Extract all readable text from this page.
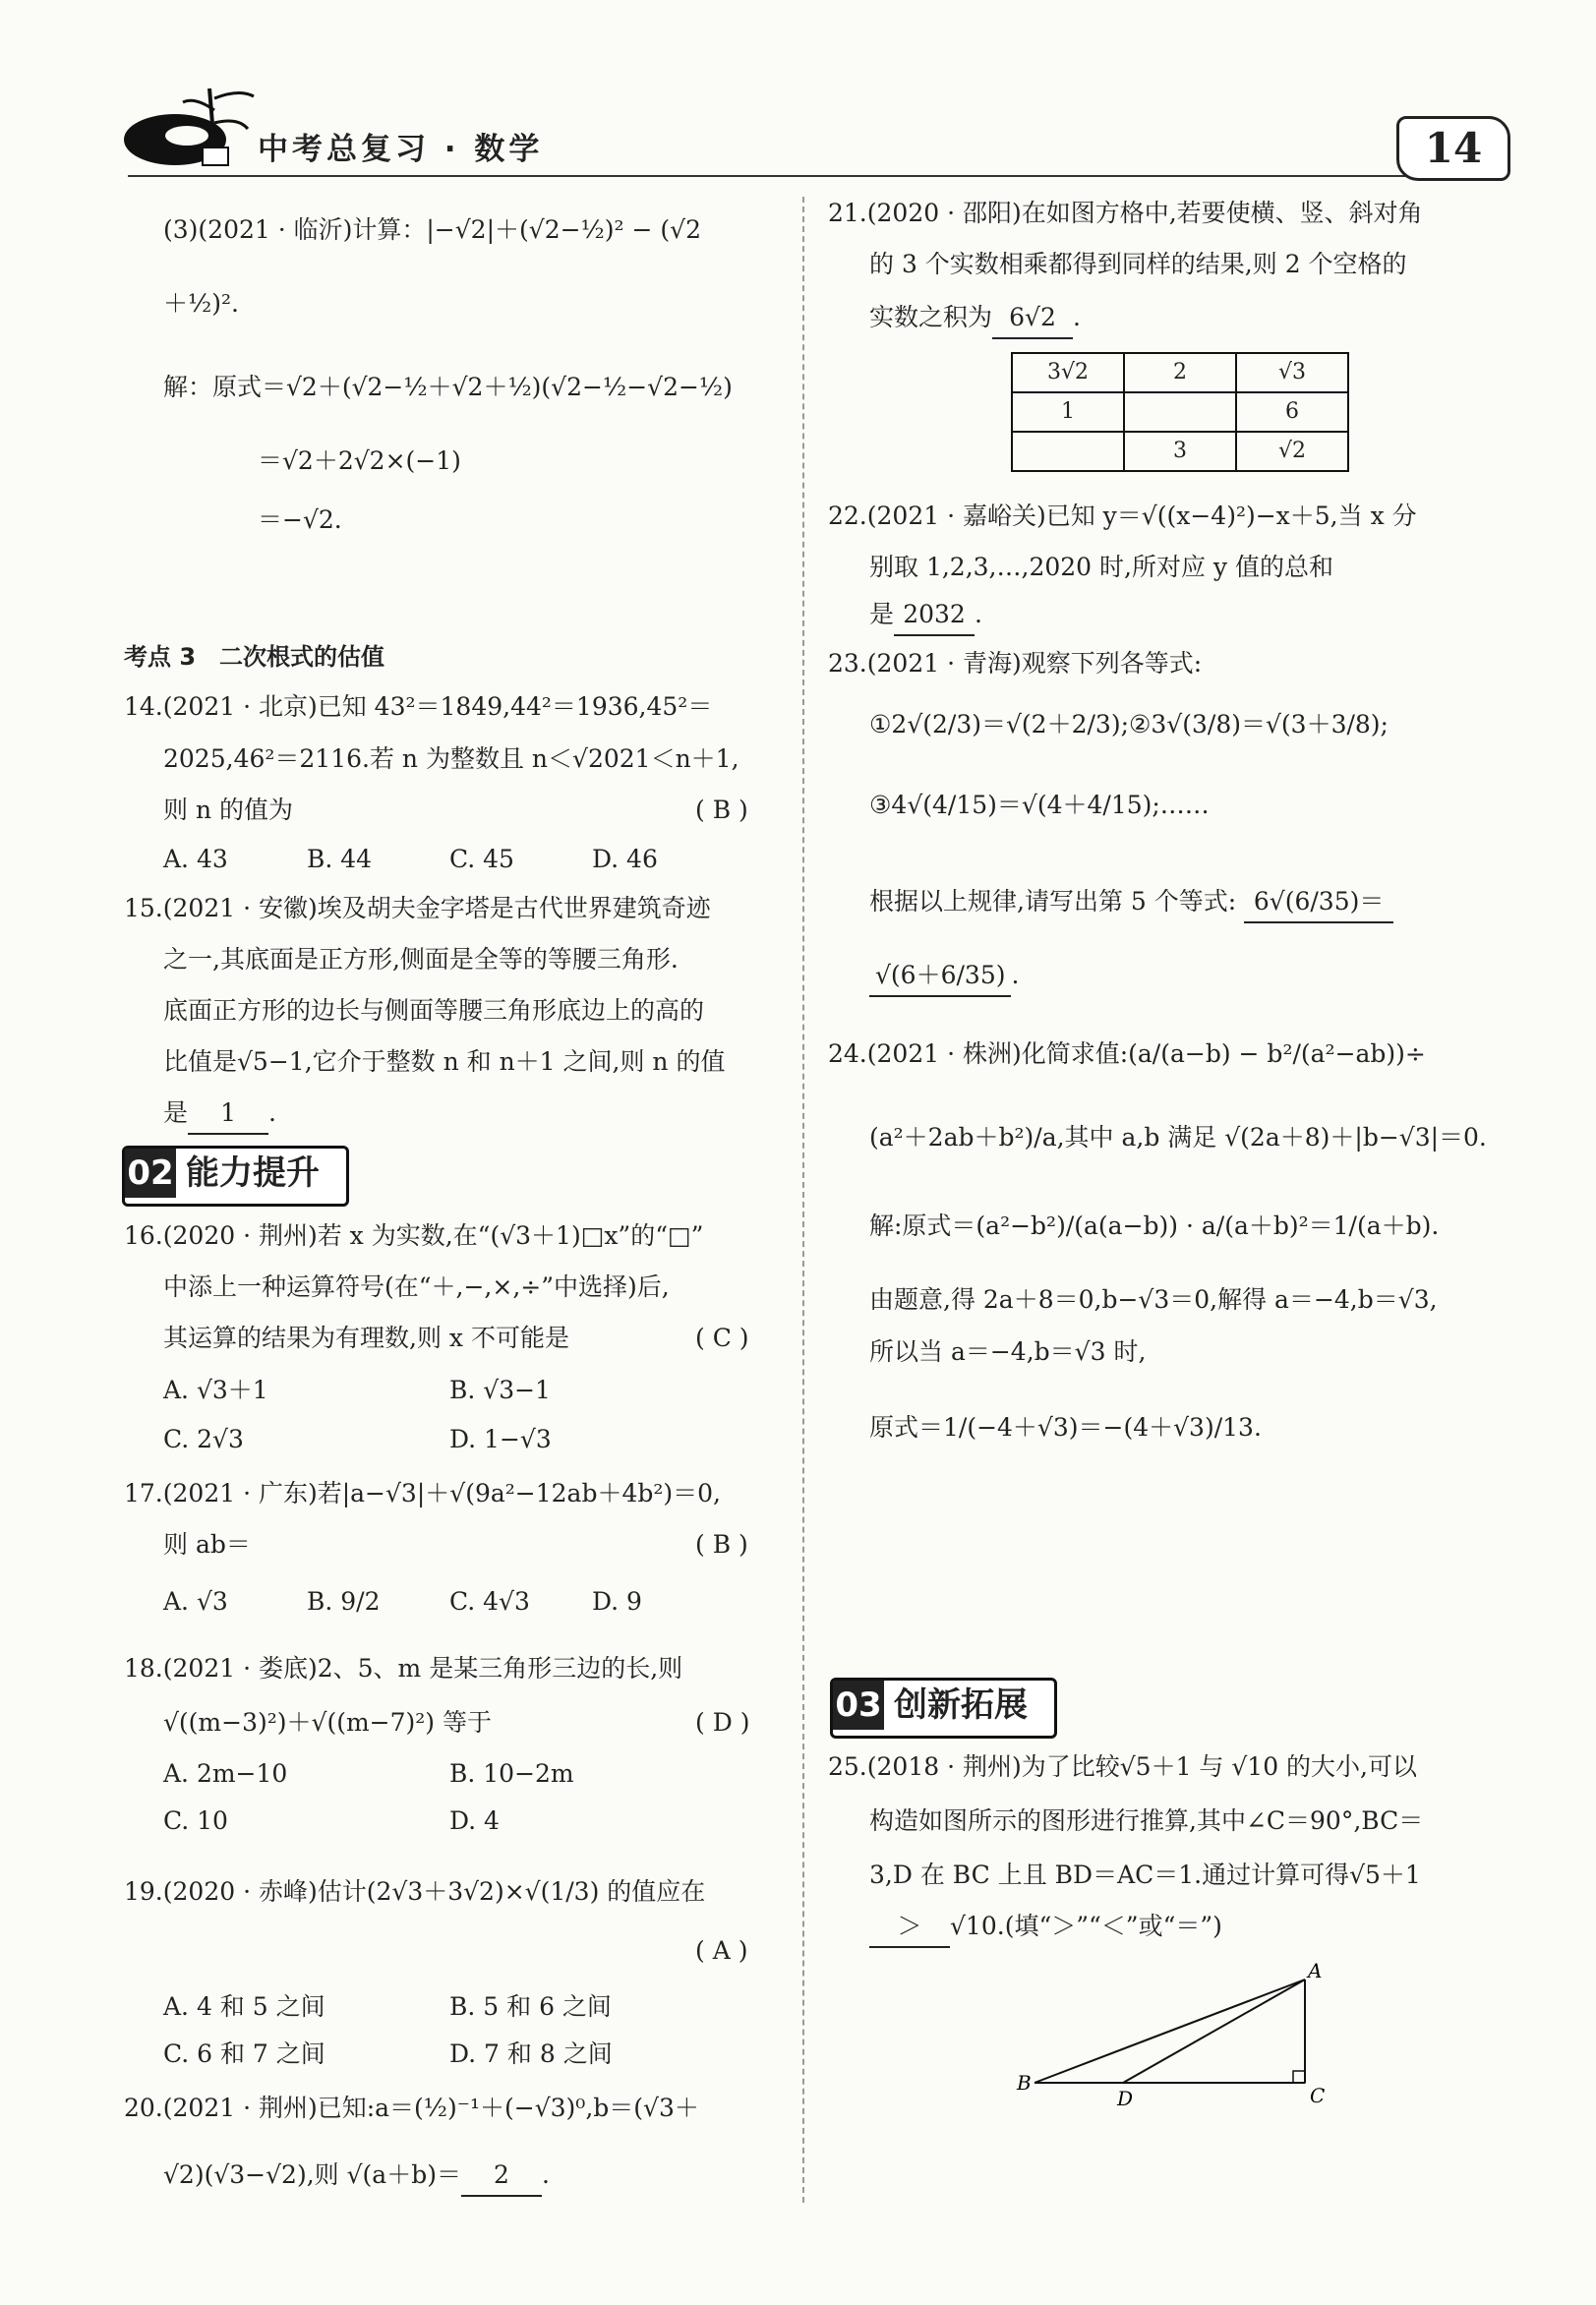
中考总复习 · 数学	14
(3)(2021 · 临沂)计算：|−√2|＋(√2−½)² − (√2
＋½)².
解：原式＝√2＋(√2−½＋√2＋½)(√2−½−√2−½)
＝√2＋2√2×(−1)
＝−√2.
考点 3　二次根式的估值
14.(2021 · 北京)已知 43²＝1849,44²＝1936,45²＝
2025,46²＝2116.若 n 为整数且 n＜√2021＜n＋1,
则 n 的值为	( B )
A. 43	B. 44	C. 45	D. 46
15.(2021 · 安徽)埃及胡夫金字塔是古代世界建筑奇迹
之一,其底面是正方形,侧面是全等的等腰三角形.
底面正方形的边长与侧面等腰三角形底边上的高的
比值是√5−1,它介于整数 n 和 n＋1 之间,则 n 的值
是 1 .
02 能力提升
16.(2020 · 荆州)若 x 为实数,在“(√3＋1)□x”的“□”
中添上一种运算符号(在“＋,−,×,÷”中选择)后,
其运算的结果为有理数,则 x 不可能是	( C )
A. √3＋1	B. √3−1
C. 2√3	D. 1−√3
17.(2021 · 广东)若|a−√3|＋√(9a²−12ab＋4b²)＝0,
则 ab＝	( B )
A. √3	B. 9/2	C. 4√3	D. 9
18.(2021 · 娄底)2、5、m 是某三角形三边的长,则
√((m−3)²)＋√((m−7)²) 等于	( D )
A. 2m−10	B. 10−2m
C. 10	D. 4
19.(2020 · 赤峰)估计(2√3＋3√2)×√(1/3) 的值应在
( A )
A. 4 和 5 之间	B. 5 和 6 之间
C. 6 和 7 之间	D. 7 和 8 之间
20.(2021 · 荆州)已知:a＝(½)⁻¹＋(−√3)⁰,b＝(√3＋
√2)(√3−√2),则 √(a＋b)＝ 2 .
21.(2020 · 邵阳)在如图方格中,若要使横、竖、斜对角
的 3 个实数相乘都得到同样的结果,则 2 个空格的
实数之积为 6√2 .
3√2	2	√3
1		6
	3	√2
22.(2021 · 嘉峪关)已知 y＝√((x−4)²)−x＋5,当 x 分
别取 1,2,3,…,2020 时,所对应 y 值的总和
是 2032 .
23.(2021 · 青海)观察下列各等式:
①2√(2/3)＝√(2＋2/3);②3√(3/8)＝√(3＋3/8);
③4√(4/15)＝√(4＋4/15);……
根据以上规律,请写出第 5 个等式: 6√(6/35)＝
√(6＋6/35) .
24.(2021 · 株洲)化简求值:(a/(a−b) − b²/(a²−ab))÷
(a²＋2ab＋b²)/a,其中 a,b 满足 √(2a＋8)＋|b−√3|＝0.
解:原式＝(a²−b²)/(a(a−b)) · a/(a＋b)²＝1/(a＋b).
由题意,得 2a＋8＝0,b−√3＝0,解得 a＝−4,b＝√3,
所以当 a＝−4,b＝√3 时,
原式＝1/(−4＋√3)＝−(4＋√3)/13.
03 创新拓展
25.(2018 · 荆州)为了比较√5＋1 与 √10 的大小,可以
构造如图所示的图形进行推算,其中∠C＝90°,BC＝
3,D 在 BC 上且 BD＝AC＝1.通过计算可得√5＋1
＞ √10.(填“＞”“＜”或“＝”)
A
B
C
D
